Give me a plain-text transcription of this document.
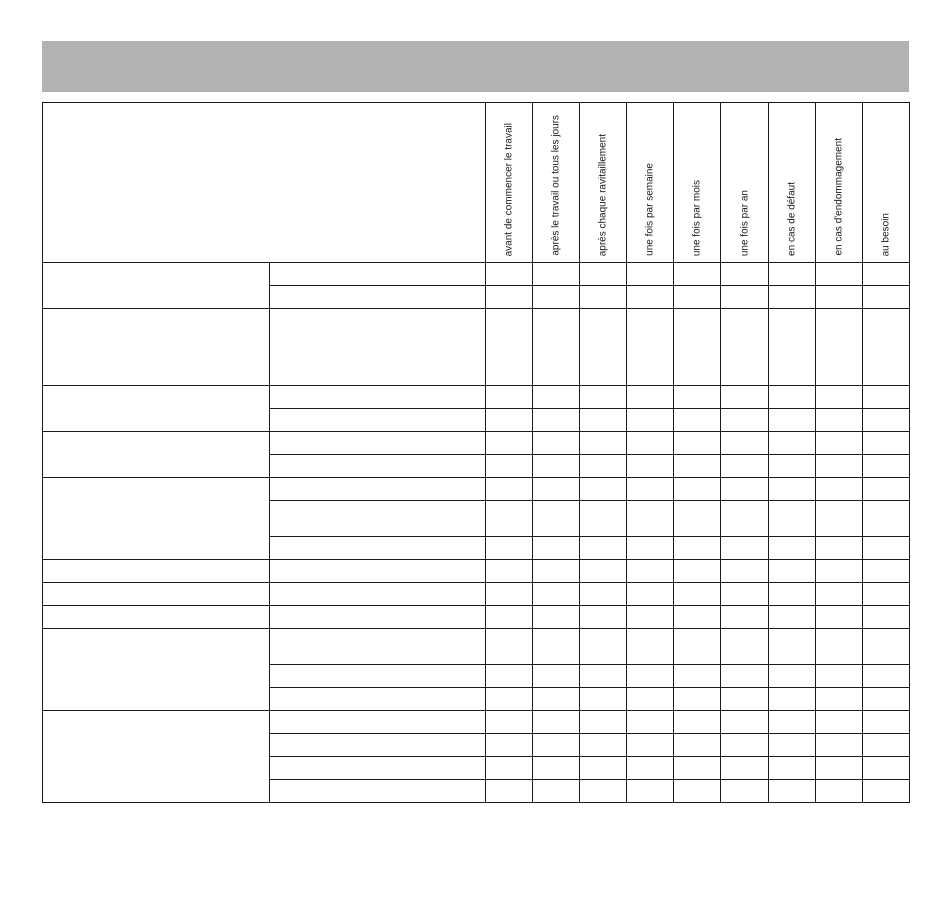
		avant de commencer le travail	après le travail ou tous les jours	après chaque ravitaillement	une fois par semaine	une fois par mois	une fois par an	en cas de défaut	en cas d'endommagement	au besoin
